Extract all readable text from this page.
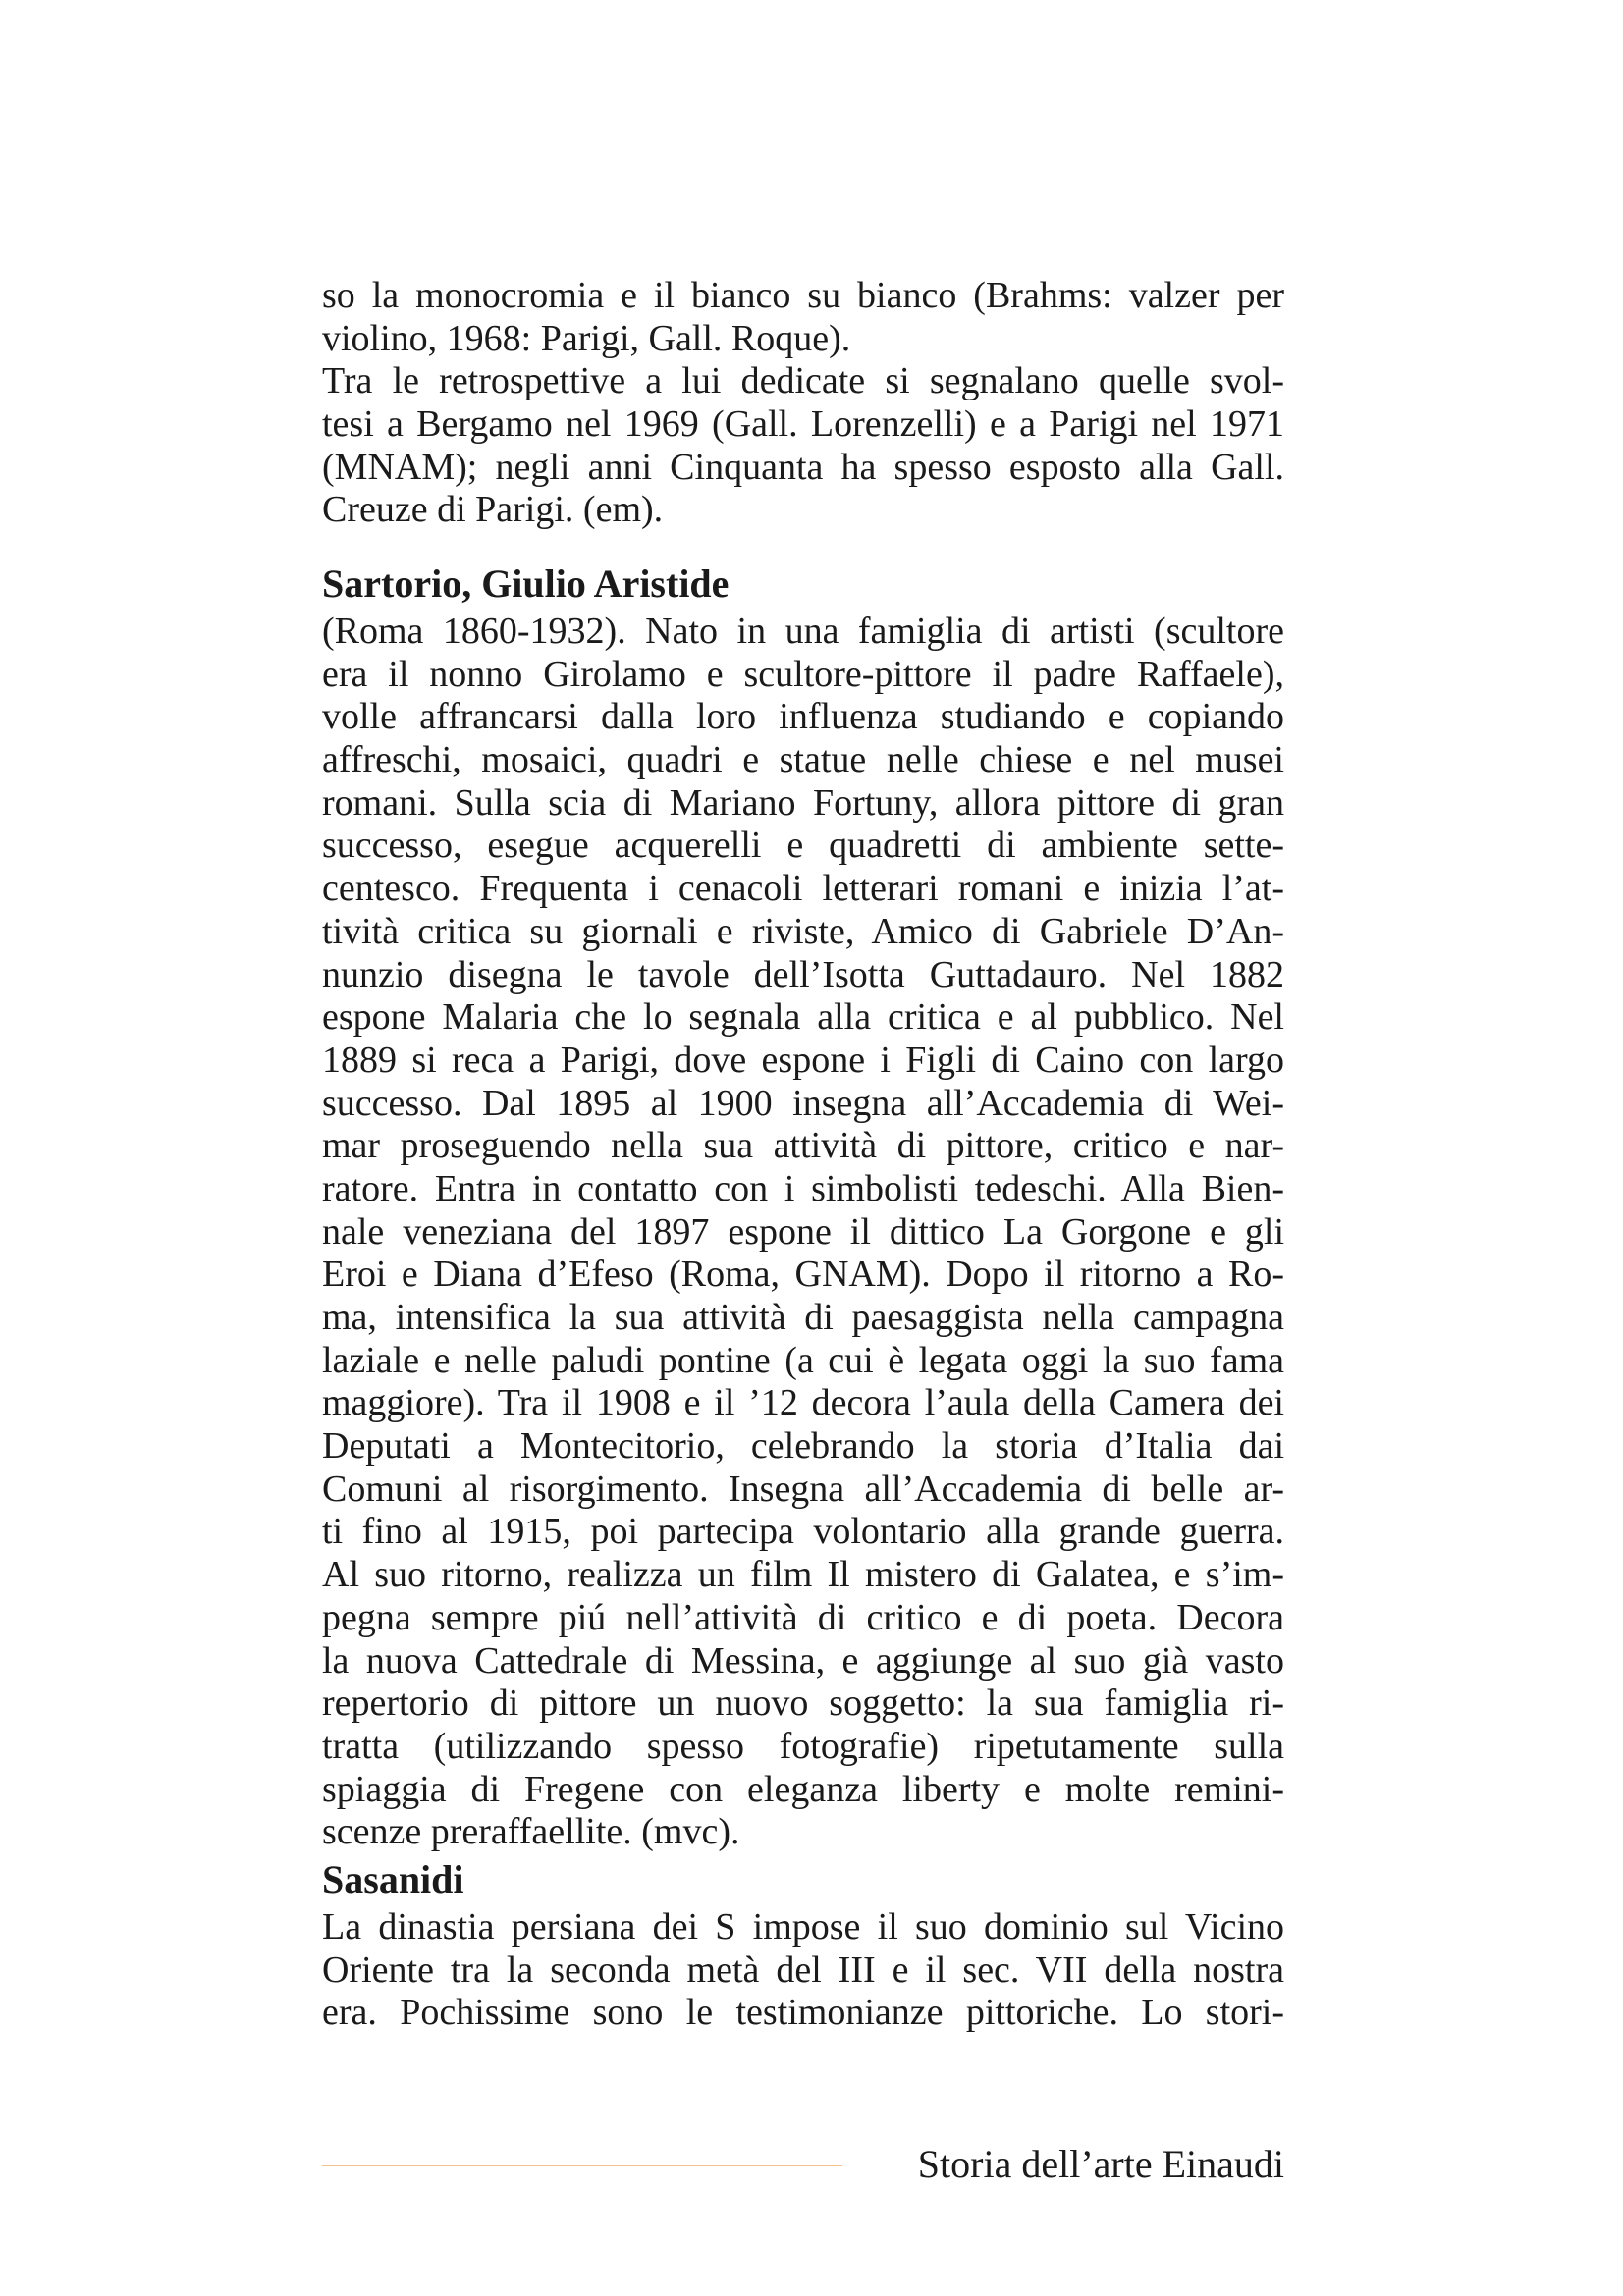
so la monocromia e il bianco su bianco (Brahms: valzer per
violino, 1968: Parigi, Gall. Roque).
Tra le retrospettive a lui dedicate si segnalano quelle svol-
tesi a Bergamo nel 1969 (Gall. Lorenzelli) e a Parigi nel 1971
(MNAM); negli anni Cinquanta ha spesso esposto alla Gall.
Creuze di Parigi. (em).
Sartorio, Giulio Aristide
(Roma 1860-1932). Nato in una famiglia di artisti (scultore
era il nonno Girolamo e scultore-pittore il padre Raffaele),
volle affrancarsi dalla loro influenza studiando e copiando
affreschi, mosaici, quadri e statue nelle chiese e nel musei
romani. Sulla scia di Mariano Fortuny, allora pittore di gran
successo, esegue acquerelli e quadretti di ambiente sette-
centesco. Frequenta i cenacoli letterari romani e inizia l’at-
tività critica su giornali e riviste, Amico di Gabriele D’An-
nunzio disegna le tavole dell’Isotta Guttadauro. Nel 1882
espone Malaria che lo segnala alla critica e al pubblico. Nel
1889 si reca a Parigi, dove espone i Figli di Caino con largo
successo. Dal 1895 al 1900 insegna all’Accademia di Wei-
mar proseguendo nella sua attività di pittore, critico e nar-
ratore. Entra in contatto con i simbolisti tedeschi. Alla Bien-
nale veneziana del 1897 espone il dittico La Gorgone e gli
Eroi e Diana d’Efeso (Roma, GNAM). Dopo il ritorno a Ro-
ma, intensifica la sua attività di paesaggista nella campagna
laziale e nelle paludi pontine (a cui è legata oggi la suo fama
maggiore). Tra il 1908 e il ’12 decora l’aula della Camera dei
Deputati a Montecitorio, celebrando la storia d’Italia dai
Comuni al risorgimento. Insegna all’Accademia di belle ar-
ti fino al 1915, poi partecipa volontario alla grande guerra.
Al suo ritorno, realizza un film Il mistero di Galatea, e s’im-
pegna sempre piú nell’attività di critico e di poeta. Decora
la nuova Cattedrale di Messina, e aggiunge al suo già vasto
repertorio di pittore un nuovo soggetto: la sua famiglia ri-
tratta (utilizzando spesso fotografie) ripetutamente sulla
spiaggia di Fregene con eleganza liberty e molte remini-
scenze preraffaellite. (mvc).
Sasanidi
La dinastia persiana dei S impose il suo dominio sul Vicino
Oriente tra la seconda metà del III e il sec. VII della nostra
era. Pochissime sono le testimonianze pittoriche. Lo stori-
Storia dell’arte Einaudi
